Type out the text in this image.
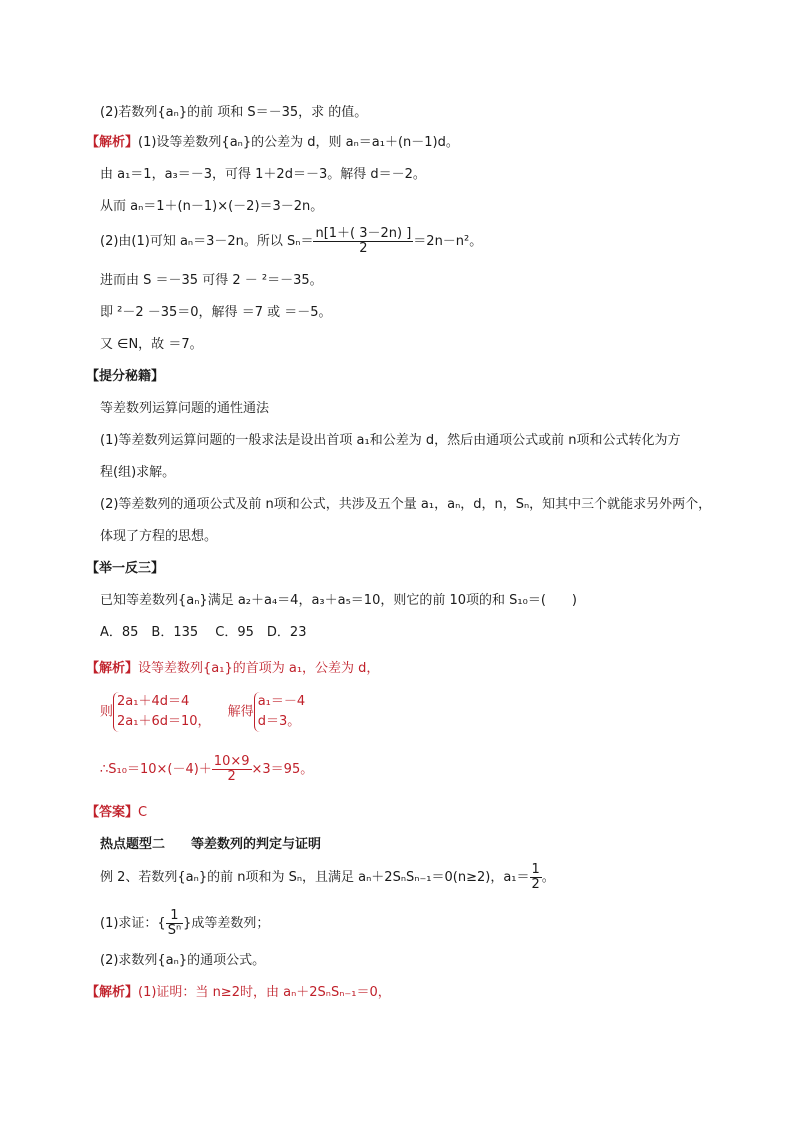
(2)若数列{aₙ}的前 项和 S＝－35，求 的值。
【解析】(1)设等差数列{aₙ}的公差为 d，则 aₙ＝a₁＋(n－1)d。
由 a₁＝1，a₃＝－3，可得 1＋2d＝－3。解得 d＝－2。
从而 aₙ＝1＋(n－1)×(－2)＝3－2n。
(2)由(1)可知 aₙ＝3－2n。所以 $S_n= \frac{n[1+( 3-2n) ]}{2} =2n-n^2$。
进而由 S ＝－35 可得 2 － ²＝－35。
即 ²－2 －35＝0，解得 ＝7 或 ＝－5。
又 ∈N，故 ＝7。
【提分秘籍】
等差数列运算问题的通性通法
(1)等差数列运算问题的一般求法是设出首项 a₁和公差为 d，然后由通项公式或前 n项和公式转化为方
程(组)求解。
(2)等差数列的通项公式及前 n项和公式，共涉及五个量 a₁，aₙ，d，n，Sₙ，知其中三个就能求另外两个，
体现了方程的思想。
【举一反三】
已知等差数列{aₙ}满足 a₂＋a₄＝4，a₃＋a₅＝10，则它的前 10项的和 S₁₀＝(　　)
A．85　B．135　 C．95　D．23
【解析】设等差数列{a₁}的首项为 a₁，公差为 d，
则
2a₁＋4d＝4
2a₁＋6d＝10，
　 解得
a₁＝－4
d＝3。
∴S₁₀＝10×(－4)＋ $\frac{10\times 9}{2} \times 3=95$。
【答案】C
热点题型二　　等差数列的判定与证明
例 2、若数列{aₙ}的前 n项和为 Sₙ，且满足 aₙ＋2SₙSₙ₋₁＝0(n≥2)，$a_1= \frac{1}{2}$ 。
(1)求证：{ $\frac{1}{\text{Sⁿ}}$ }成等差数列；
(2)求数列{aₙ}的通项公式。
【解析】(1)证明：当 n≥2时，由 aₙ＋2SₙSₙ₋₁＝0，
